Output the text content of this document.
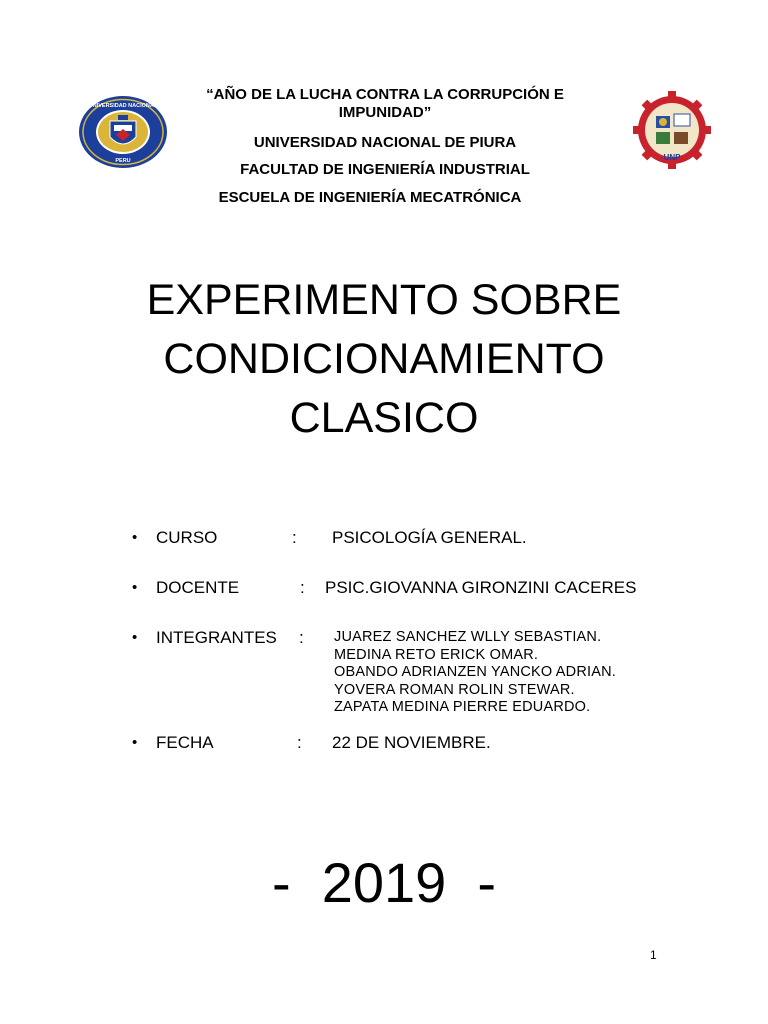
UNIVERSIDAD NACIONAL
PERU	UNP
“AÑO DE LA LUCHA CONTRA LA CORRUPCIÓN E
IMPUNIDAD”
UNIVERSIDAD NACIONAL DE PIURA
FACULTAD DE INGENIERÍA INDUSTRIAL
ESCUELA DE INGENIERÍA MECATRÓNICA
EXPERIMENTO SOBRE
CONDICIONAMIENTO
CLASICO
• CURSO	: PSICOLOGÍA GENERAL.
• DOCENTE	: PSIC.GIOVANNA GIRONZINI CACERES
• INTEGRANTES : JUAREZ SANCHEZ WLLY SEBASTIAN.
MEDINA RETO ERICK OMAR.
OBANDO ADRIANZEN YANCKO ADRIAN.
YOVERA ROMAN ROLIN STEWAR.
ZAPATA MEDINA PIERRE EDUARDO.
• FECHA	: 22 DE NOVIEMBRE.
-  2019  -
1
